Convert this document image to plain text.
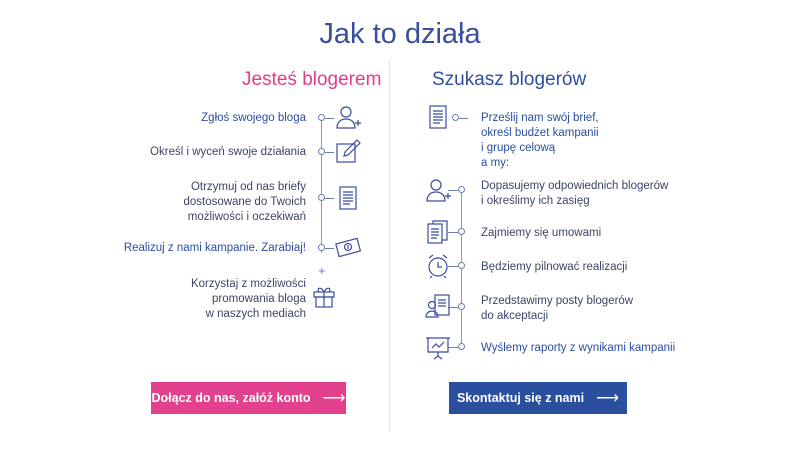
Jak to działa
Jesteś blogerem
+
Zgłoś swojego bloga
Określ i wyceń swoje działania
Otrzymuj od nas briefy
dostosowane do Twoich
możliwości i oczekiwań
Realizuj z nami kampanie. Zarabiaj!
Korzystaj z możliwości
promowania bloga
w naszych mediach
Dołącz do nas, załóż konto ⟶
Szukasz blogerów
Prześlij nam swój brief,
określ budżet kampanii
i grupę celową
a my:
Dopasujemy odpowiednich blogerów
i określimy ich zasięg
Zajmiemy się umowami
Będziemy pilnować realizacji
Przedstawimy posty blogerów
do akceptacji
Wyślemy raporty z wynikami kampanii
Skontaktuj się z nami ⟶
